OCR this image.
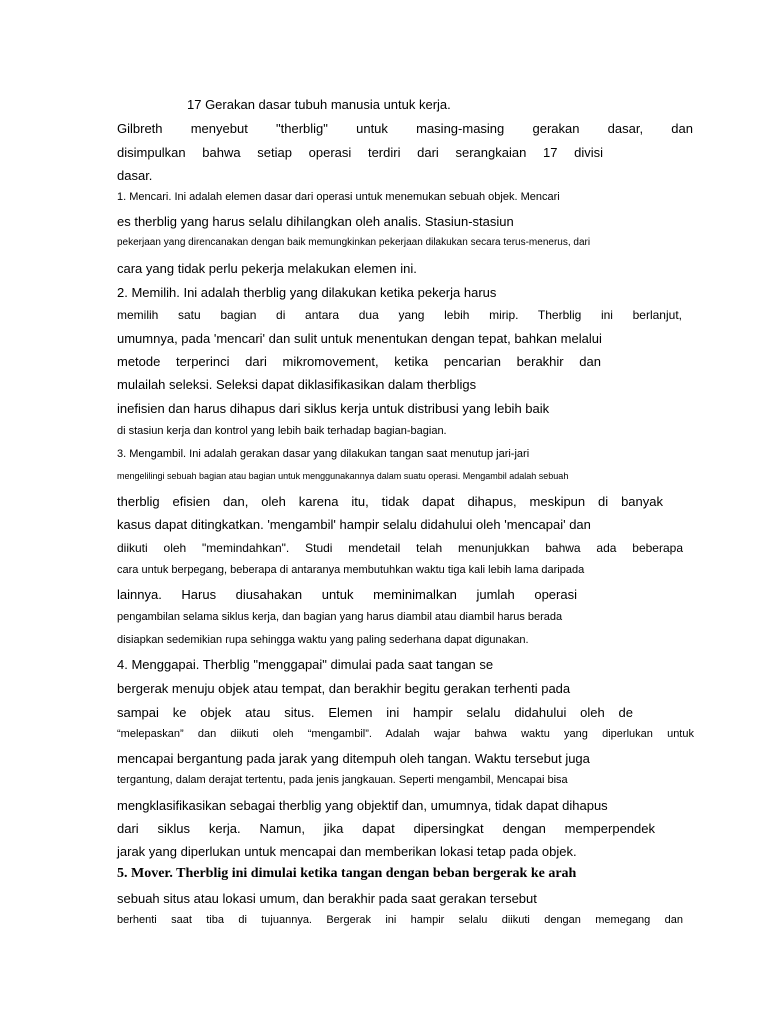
17 Gerakan dasar tubuh manusia untuk kerja.
Gilbreth menyebut "therblig" untuk masing-masing gerakan dasar, dan
disimpulkan bahwa setiap operasi terdiri dari serangkaian 17 divisi
dasar.
1. Mencari. Ini adalah elemen dasar dari operasi untuk menemukan sebuah objek. Mencari
es therblig yang harus selalu dihilangkan oleh analis. Stasiun-stasiun
pekerjaan yang direncanakan dengan baik memungkinkan pekerjaan dilakukan secara terus-menerus, dari
cara yang tidak perlu pekerja melakukan elemen ini.
2. Memilih. Ini adalah therblig yang dilakukan ketika pekerja harus
memilih satu bagian di antara dua yang lebih mirip. Therblig ini berlanjut,
umumnya, pada 'mencari' dan sulit untuk menentukan dengan tepat, bahkan melalui
metode terperinci dari mikromovement, ketika pencarian berakhir dan
mulailah seleksi. Seleksi dapat diklasifikasikan dalam therbligs
inefisien dan harus dihapus dari siklus kerja untuk distribusi yang lebih baik
di stasiun kerja dan kontrol yang lebih baik terhadap bagian-bagian.
3. Mengambil. Ini adalah gerakan dasar yang dilakukan tangan saat menutup jari-jari
mengelilingi sebuah bagian atau bagian untuk menggunakannya dalam suatu operasi. Mengambil adalah sebuah
therblig efisien dan, oleh karena itu, tidak dapat dihapus, meskipun di banyak
kasus dapat ditingkatkan. 'mengambil' hampir selalu didahului oleh 'mencapai' dan
diikuti oleh "memindahkan". Studi mendetail telah menunjukkan bahwa ada beberapa
cara untuk berpegang, beberapa di antaranya membutuhkan waktu tiga kali lebih lama daripada
lainnya. Harus diusahakan untuk meminimalkan jumlah operasi
pengambilan selama siklus kerja, dan bagian yang harus diambil atau diambil harus berada
disiapkan sedemikian rupa sehingga waktu yang paling sederhana dapat digunakan.
4. Menggapai. Therblig "menggapai" dimulai pada saat tangan se
bergerak menuju objek atau tempat, dan berakhir begitu gerakan terhenti pada
sampai ke objek atau situs. Elemen ini hampir selalu didahului oleh de
“melepaskan” dan diikuti oleh “mengambil”. Adalah wajar bahwa waktu yang diperlukan untuk
mencapai bergantung pada jarak yang ditempuh oleh tangan. Waktu tersebut juga
tergantung, dalam derajat tertentu, pada jenis jangkauan. Seperti mengambil, Mencapai bisa
mengklasifikasikan sebagai therblig yang objektif dan, umumnya, tidak dapat dihapus
dari siklus kerja. Namun, jika dapat dipersingkat dengan memperpendek
jarak yang diperlukan untuk mencapai dan memberikan lokasi tetap pada objek.
5. Mover. Therblig ini dimulai ketika tangan dengan beban bergerak ke arah
sebuah situs atau lokasi umum, dan berakhir pada saat gerakan tersebut
berhenti saat tiba di tujuannya. Bergerak ini hampir selalu diikuti dengan memegang dan
